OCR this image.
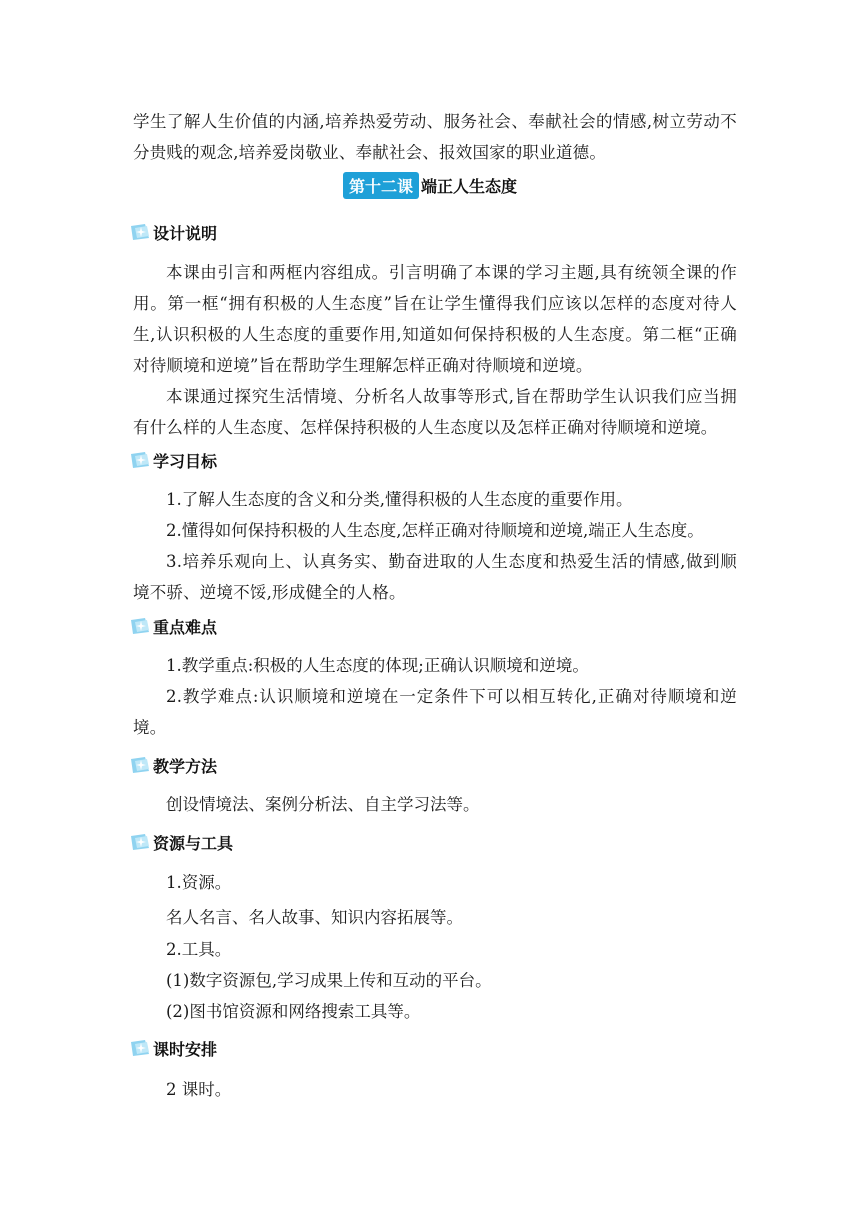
学生了解人生价值的内涵,培养热爱劳动、服务社会、奉献社会的情感,树立劳动不分贵贱的观念,培养爱岗敬业、奉献社会、报效国家的职业道德。

第十二课 端正人生态度
设计说明

本课由引言和两框内容组成。引言明确了本课的学习主题,具有统领全课的作用。第一框“拥有积极的人生态度”旨在让学生懂得我们应该以怎样的态度对待人生,认识积极的人生态度的重要作用,知道如何保持积极的人生态度。第二框“正确对待顺境和逆境”旨在帮助学生理解怎样正确对待顺境和逆境。

本课通过探究生活情境、分析名人故事等形式,旨在帮助学生认识我们应当拥有什么样的人生态度、怎样保持积极的人生态度以及怎样正确对待顺境和逆境。

学习目标

1.了解人生态度的含义和分类,懂得积极的人生态度的重要作用。

2.懂得如何保持积极的人生态度,怎样正确对待顺境和逆境,端正人生态度。

3.培养乐观向上、认真务实、勤奋进取的人生态度和热爱生活的情感,做到顺境不骄、逆境不馁,形成健全的人格。

重点难点

1.教学重点:积极的人生态度的体现;正确认识顺境和逆境。

2.教学难点:认识顺境和逆境在一定条件下可以相互转化,正确对待顺境和逆境。

教学方法

创设情境法、案例分析法、自主学习法等。

资源与工具

1.资源。

名人名言、名人故事、知识内容拓展等。

2.工具。

(1)数字资源包,学习成果上传和互动的平台。

(2)图书馆资源和网络搜索工具等。

课时安排

2 课时。
